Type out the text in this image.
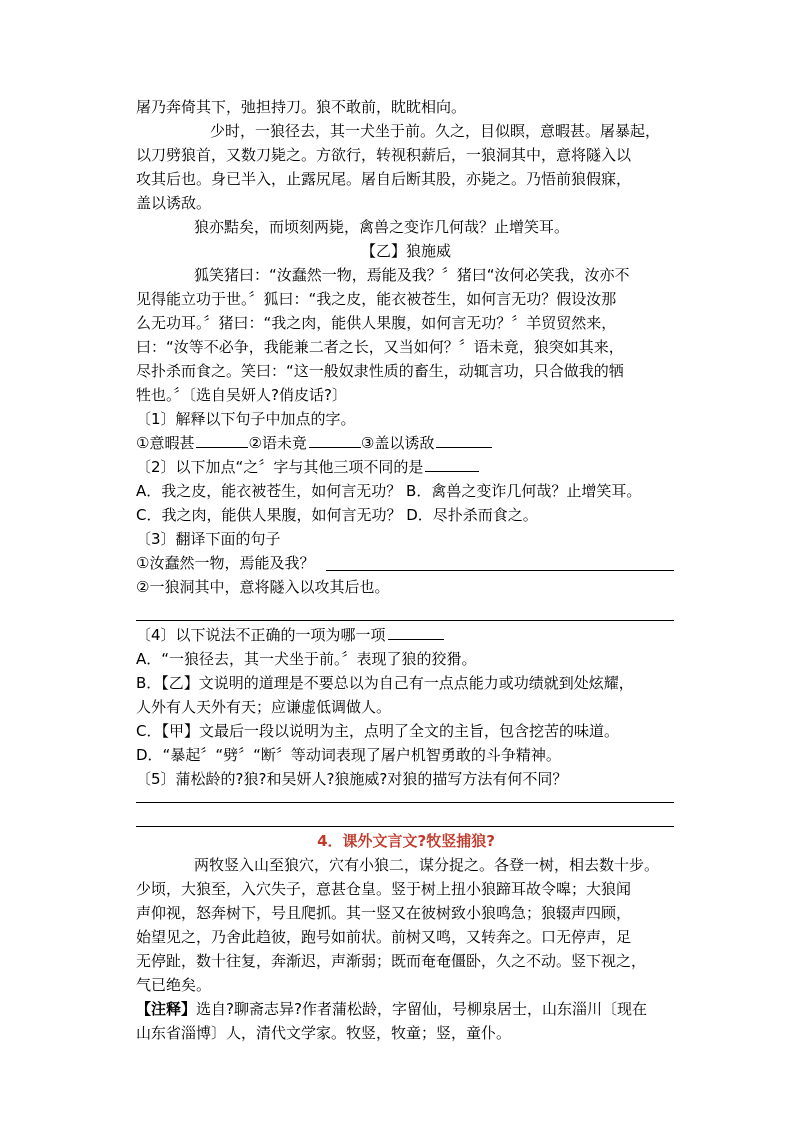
屠乃奔倚其下，弛担持刀。狼不敢前，眈眈相向。
少时，一狼径去，其一犬坐于前。久之，目似瞑，意暇甚。屠暴起，
以刀劈狼首，又数刀毙之。方欲行，转视积薪后，一狼洞其中，意将隧入以
攻其后也。身已半入，止露尻尾。屠自后断其股，亦毙之。乃悟前狼假寐，
盖以诱敌。
狼亦黠矣，而顷刻两毙，禽兽之变诈几何哉？止增笑耳。
【乙】狼施威
狐笑猪曰：“汝蠢然一物，焉能及我？〞猪曰“汝何必笑我，汝亦不
见得能立功于世。〞狐曰：“我之皮，能衣被苍生，如何言无功？假设汝那
么无功耳。〞猪曰：“我之肉，能供人果腹，如何言无功？〞羊贸贸然来，
曰：“汝等不必争，我能兼二者之长，又当如何？〞语未竟，狼突如其来，
尽扑杀而食之。笑曰：“这一般奴隶性质的畜生，动辄言功，只合做我的牺
牲也。〞〔选自吴妍人?俏皮话?〕
〔1〕解释以下句子中加点的字。
①意暇甚	②语未竟	③盖以诱敌
〔2〕以下加点“之〞字与其他三项不同的是
A．我之皮，能衣被苍生，如何言无功？ B．禽兽之变诈几何哉？止增笑耳。
C．我之肉，能供人果腹，如何言无功？ D．尽扑杀而食之。
〔3〕翻译下面的句子
①汝蠢然一物，焉能及我？
②一狼洞其中，意将隧入以攻其后也。
〔4〕以下说法不正确的一项为哪一项
A．“一狼径去，其一犬坐于前。〞表现了狼的狡猾。
B．【乙】文说明的道理是不要总以为自己有一点点能力或功绩就到处炫耀，
人外有人天外有天；应谦虚低调做人。
C．【甲】文最后一段以说明为主，点明了全文的主旨，包含挖苦的味道。
D．“暴起〞“劈〞“断〞等动词表现了屠户机智勇敢的斗争精神。
〔5〕蒲松龄的?狼?和吴妍人?狼施威?对狼的描写方法有何不同？
4．课外文言文?牧竖捕狼?
两牧竖入山至狼穴，穴有小狼二，谋分捉之。各登一树，相去数十步。
少顷，大狼至，入穴失子，意甚仓皇。竖于树上扭小狼蹄耳故令嗥；大狼闻
声仰视，怒奔树下，号且爬抓。其一竖又在彼树致小狼鸣急；狼辍声四顾，
始望见之，乃舍此趋彼，跑号如前状。前树又鸣，又转奔之。口无停声，足
无停趾，数十往复，奔渐迟，声渐弱；既而奄奄僵卧，久之不动。竖下视之，
气已绝矣。
【注释】选自?聊斋志异?作者蒲松龄，字留仙，号柳泉居士，山东淄川〔现在
山东省淄博〕人，清代文学家。牧竖，牧童；竖，童仆。
